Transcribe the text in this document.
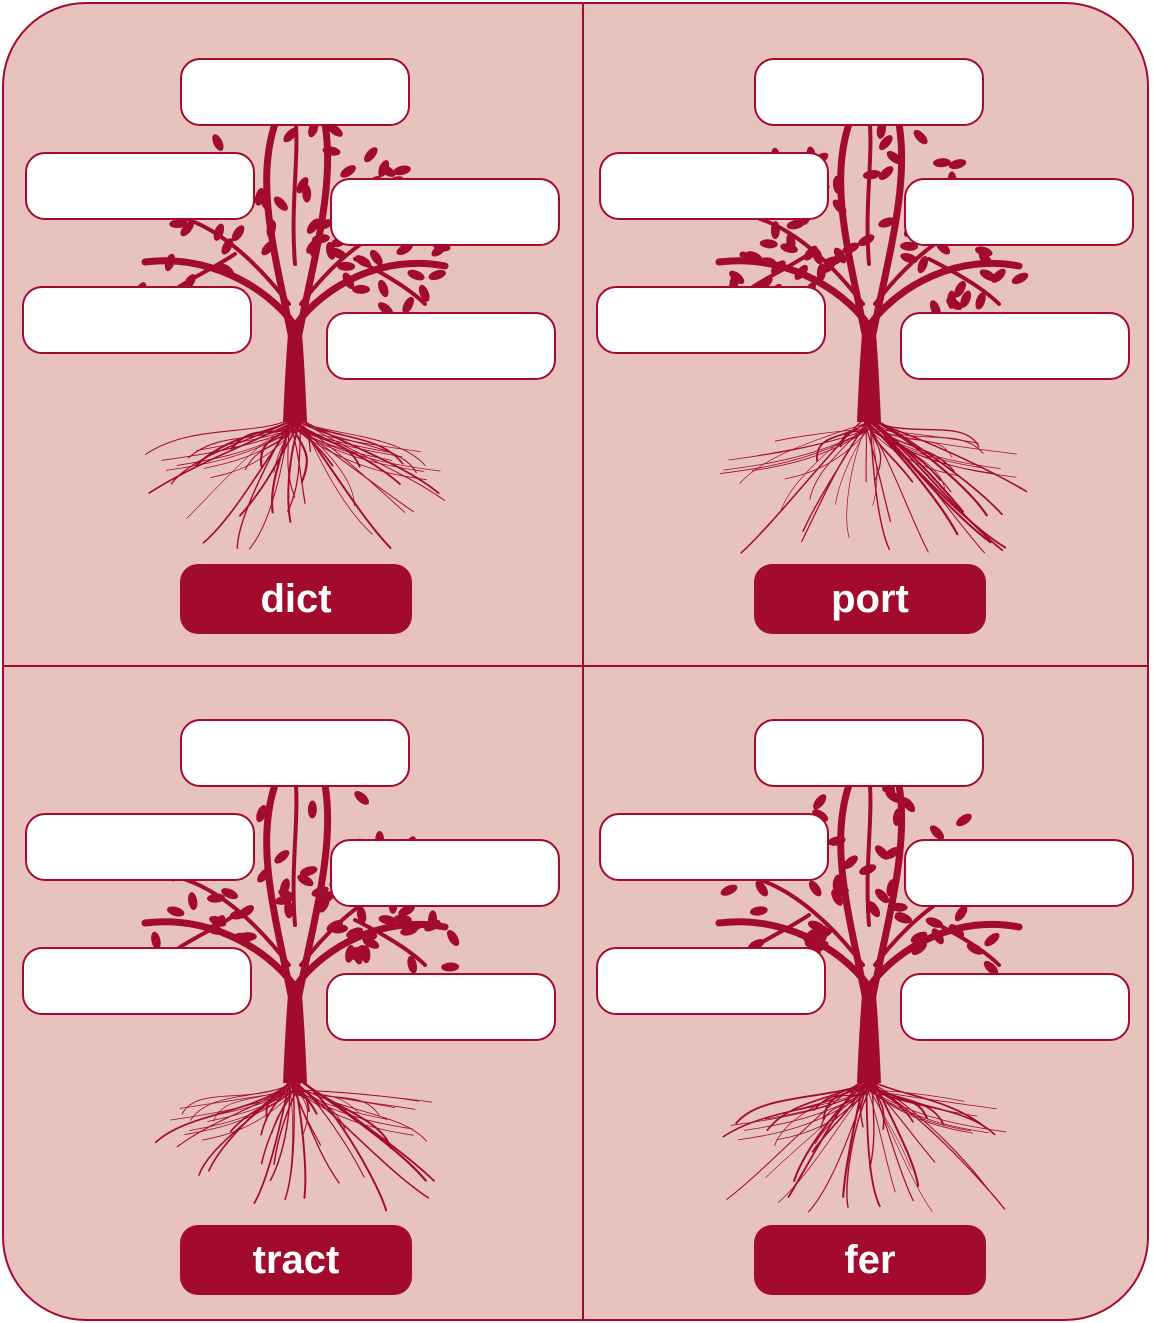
dict	port
tract	fer
